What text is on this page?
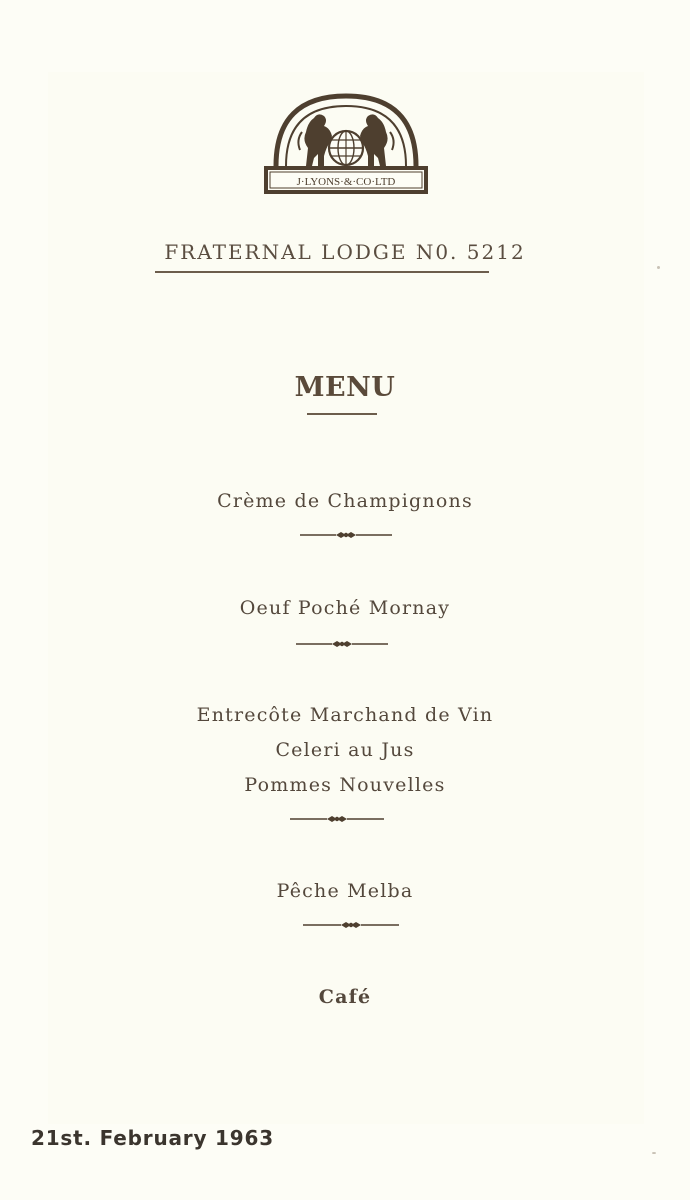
J·LYONS·&·CO·LTD
FRATERNAL LODGE N0. 5212
MENU
Crème de Champignons
Oeuf Poché Mornay
Entrecôte Marchand de Vin
Celeri au Jus
Pommes Nouvelles
Pêche Melba
Café
21st. February 1963
